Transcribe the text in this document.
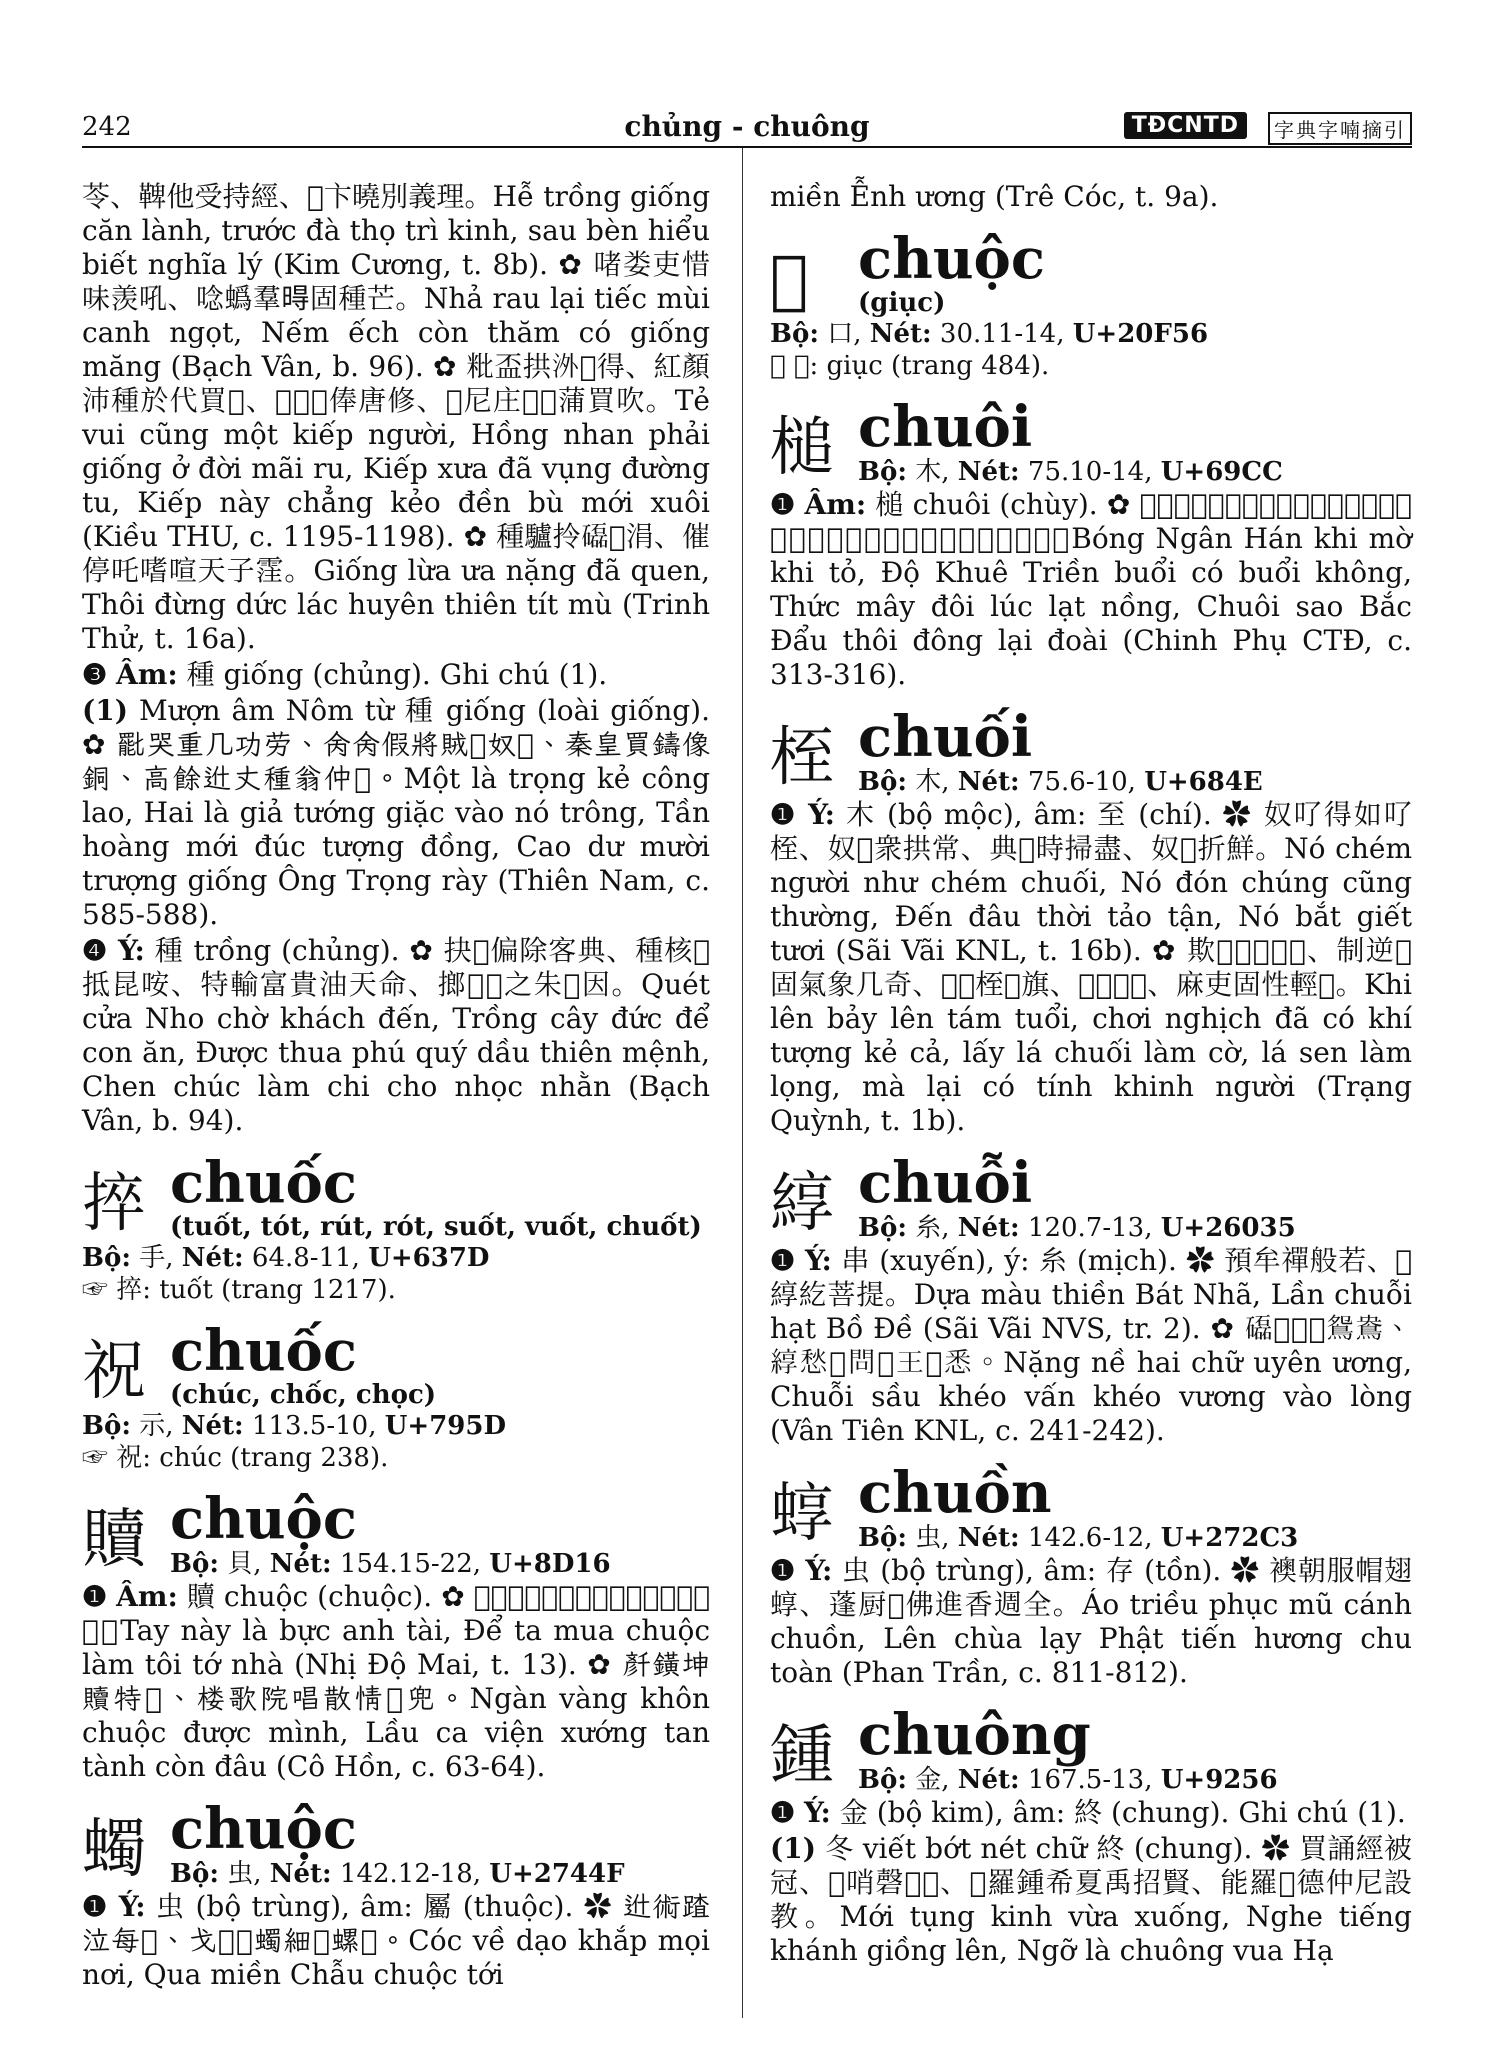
242	chủng - chuông	TĐCNTD	字典字喃摘引

苓、鞞他受持經、𫅷卞曉別義理。Hễ trồng giống căn lành, trước đà thọ trì kinh, sau bèn hiểu biết nghĩa lý (Kim Cương, t. 8b). ✿ 啫娄吏惜味羡吼、唸蟡羣𣈜固種芒。Nhả rau lại tiếc mùi canh ngọt, Nếm ếch còn thăm có giống măng (Bạch Vân, b. 96). ✿ 粃盃拱𣳢𫢩得、紅顏沛種於代買𠶄、𫢩𣈜𣈙俸唐修、𫢩尼庄𥙩𡑝蒲買吹。Tẻ vui cũng một kiếp người, Hồng nhan phải giống ở đời mãi ru, Kiếp xưa đã vụng đường tu, Kiếp này chẳng kẻo đền bù mới xuôi (Kiều THU, c. 1195-1198). ✿ 種驢拎𥗐𣈙涓、催停吒嗜喧天子霔。Giống lừa ưa nặng đã quen, Thôi đừng dức lác huyên thiên tít mù (Trinh Thử, t. 16a).

❸ Âm: 種 giống (chủng). Ghi chú (1).

(1) Mượn âm Nôm từ 種 giống (loài giống). ✿ 𠤩哭重几功劳、𠇮𠇮假將賊𢂞奴𪟤、秦皇買鑄像銅、高餘𨑮丈種翁仲𢬣。Một là trọng kẻ công lao, Hai là giả tướng giặc vào nó trông, Tần hoàng mới đúc tượng đồng, Cao dư mười trượng giống Ông Trọng rày (Thiên Nam, c. 585-588).

❹ Ý: 種 trồng (chủng). ✿ 抉𨷑偏除客典、種核𣴓抵昆咹、特輸富貴油天命、𢲲𢬣𡖼之朱𨁴因。Quét cửa Nho chờ khách đến, Trồng cây đức để con ăn, Được thua phú quý dầu thiên mệnh, Chen chúc làm chi cho nhọc nhằn (Bạch Vân, b. 94).

捽 chuốc
(tuốt, tót, rút, rót, suốt, vuốt, chuốt)
Bộ: 手, Nét: 64.8-11, U+637D
☞ 捽: tuốt (trang 1217).
祝 chuốc
(chúc, chốc, chọc)
Bộ: 示, Nét: 113.5-10, U+795D
☞ 祝: chúc (trang 238).
贖 chuộc
Bộ: 貝, Nét: 154.15-22, U+8D16

❶ Âm: 贖 chuộc (chuộc). ✿ 𢬣尼𤠄𡊧英才、底些謨贖𡖼碎𠇕茄。Tay này là bực anh tài, Để ta mua chuộc làm tôi tớ nhà (Nhị Độ Mai, t. 13). ✿ 𠦳鐄坤贖特𩈘、楼歌院唱散情𡗉兜。Ngàn vàng khôn chuộc được mình, Lầu ca viện xướng tan tành còn đâu (Cô Hồn, c. 63-64).

蠋 chuộc
Bộ: 虫, Nét: 142.12-18, U+2744F

❶ Ý: 虫 (bộ trùng), âm: 屬 (thuộc). ✿ 𨑮術蹅泣每𡊲、戈𣳮𧋃蠋細𣳮螺蚗。Cóc về dạo khắp mọi nơi, Qua miền Chẫu chuộc tới

miền Ễnh ương (Trê Cóc, t. 9a).

𠽖 chuộc
(giục)
Bộ: 口, Nét: 30.11-14, U+20F56
☞ 𠽖: giục (trang 484).
槌 chuôi
Bộ: 木, Nét: 75.10-14, U+69CC

❶ Âm: 槌 chuôi (chùy). ✿ 𩄎銀漢欺霦欺𩆷、度奎躔𣈜固𣈜空、式𨖅隊六𣳮濃、槌辟北斗催東吏兑。Bóng Ngân Hán khi mờ khi tỏ, Độ Khuê Triền buổi có buổi không, Thức mây đôi lúc lạt nồng, Chuôi sao Bắc Đẩu thôi đông lại đoài (Chinh Phụ CTĐ, c. 313-316).

桎 chuối
Bộ: 木, Nét: 75.6-10, U+684E

❶ Ý: 木 (bộ mộc), âm: 至 (chí). ✿ 奴𠮩得如𠮩桎、奴𨖅衆拱常、典𢁑時掃盡、奴𠀧折鮮。Nó chém người như chém chuối, Nó đón chúng cũng thường, Đến đâu thời tảo tận, Nó bắt giết tươi (Sãi Vãi KNL, t. 16b). ✿ 欺𨖅𠄼𨖅𢝙𩭶、制逆𣈙固氣象几奇、𢯦𦬑桎𡖼旗、𦬑𨖅𡖼𡗶、麻吏固性輕𠊛。Khi lên bảy lên tám tuổi, chơi nghịch đã có khí tượng kẻ cả, lấy lá chuối làm cờ, lá sen làm lọng, mà lại có tính khinh người (Trạng Quỳnh, t. 1b).

綧 chuỗi
Bộ: 糸, Nét: 120.7-13, U+26035

❶ Ý: 串 (xuyến), ý: 糸 (mịch). ✿ 預牟禪般若、𦀊綧紇菩提。Dựa màu thiền Bát Nhã, Lần chuỗi hạt Bồ Đề (Sãi Vãi NVS, tr. 2). ✿ 𥗐𥕄𠇮𦀊鴛鴦、綧愁𡎝問𡎝王𠓨悉。Nặng nề hai chữ uyên ương, Chuỗi sầu khéo vấn khéo vương vào lòng (Vân Tiên KNL, c. 241-242).

蜳 chuồn
Bộ: 虫, Nét: 142.6-12, U+272C3

❶ Ý: 虫 (bộ trùng), âm: 存 (tồn). ✿ 襖朝服帽翅蜳、蓬厨𥘷佛進香週全。Áo triều phục mũ cánh chuồn, Lên chùa lạy Phật tiến hương chu toàn (Phan Trần, c. 811-812).

鍾 chuông
Bộ: 金, Nét: 167.5-13, U+9256

❶ Ý: 金 (bộ kim), âm: 終 (chung). Ghi chú (1).

(1) 冬 viết bớt nét chữ 終 (chung). ✿ 買誦經被冠、𦖑哨磬𢯦𨖅、𠰚羅鍾希夏禹招賢、能羅𢹿德仲尼設教。Mới tụng kinh vừa xuống, Nghe tiếng khánh giồng lên, Ngỡ là chuông vua Hạ
